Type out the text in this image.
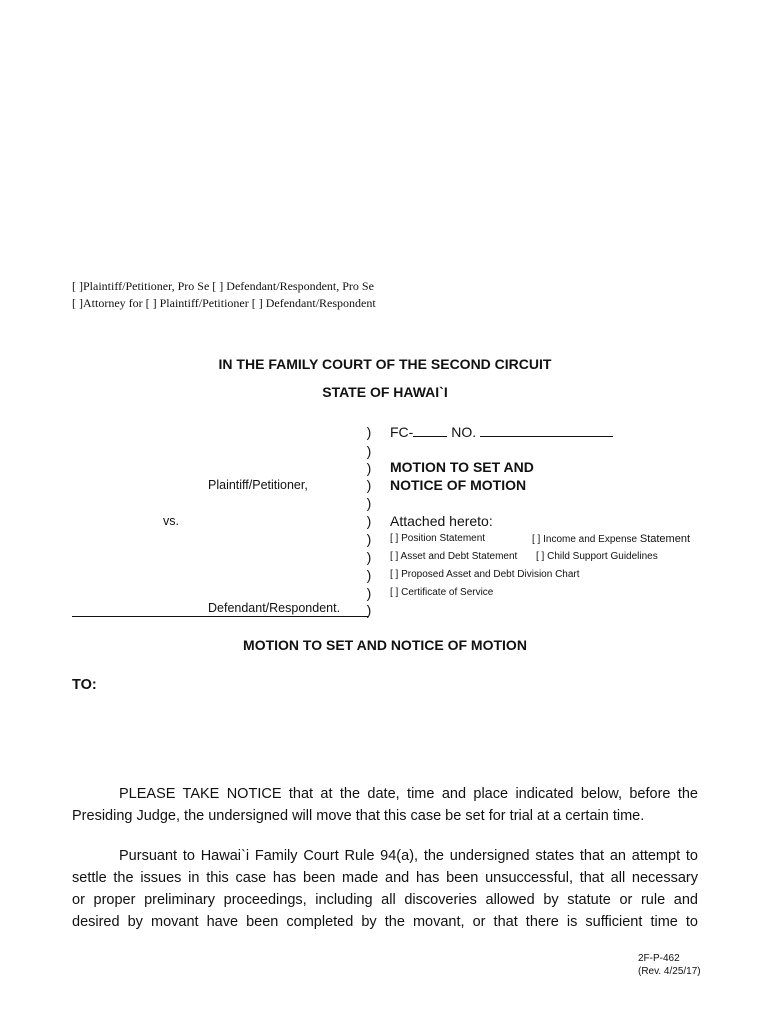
[ ]Plaintiff/Petitioner, Pro Se [ ] Defendant/Respondent, Pro Se
[ ]Attorney for [ ] Plaintiff/Petitioner [ ] Defendant/Respondent
IN THE FAMILY COURT OF THE SECOND CIRCUIT
STATE OF HAWAI`I
)
)
)
)
)
)
)
)
)
)
)
FC-	NO.
MOTION TO SET AND
NOTICE OF MOTION
Plaintiff/Petitioner,
vs.	Attached hereto:
[ ] Position Statement	[ ] Income and Expense Statement
[ ] Asset and Debt Statement [ ] Child Support Guidelines
[ ] Proposed Asset and Debt Division Chart
[ ] Certificate of Service
Defendant/Respondent.
MOTION TO SET AND NOTICE OF MOTION
TO:
PLEASE TAKE NOTICE that at the date, time and place indicated below, before the
Presiding Judge, the undersigned will move that this case be set for trial at a certain time.
Pursuant to Hawai`i Family Court Rule 94(a), the undersigned states that an attempt to
settle the issues in this case has been made and has been unsuccessful, that all necessary
or proper preliminary proceedings, including all discoveries allowed by statute or rule and
desired by movant have been completed by the movant, or that there is sufficient time to
2F-P-462
(Rev. 4/25/17)
